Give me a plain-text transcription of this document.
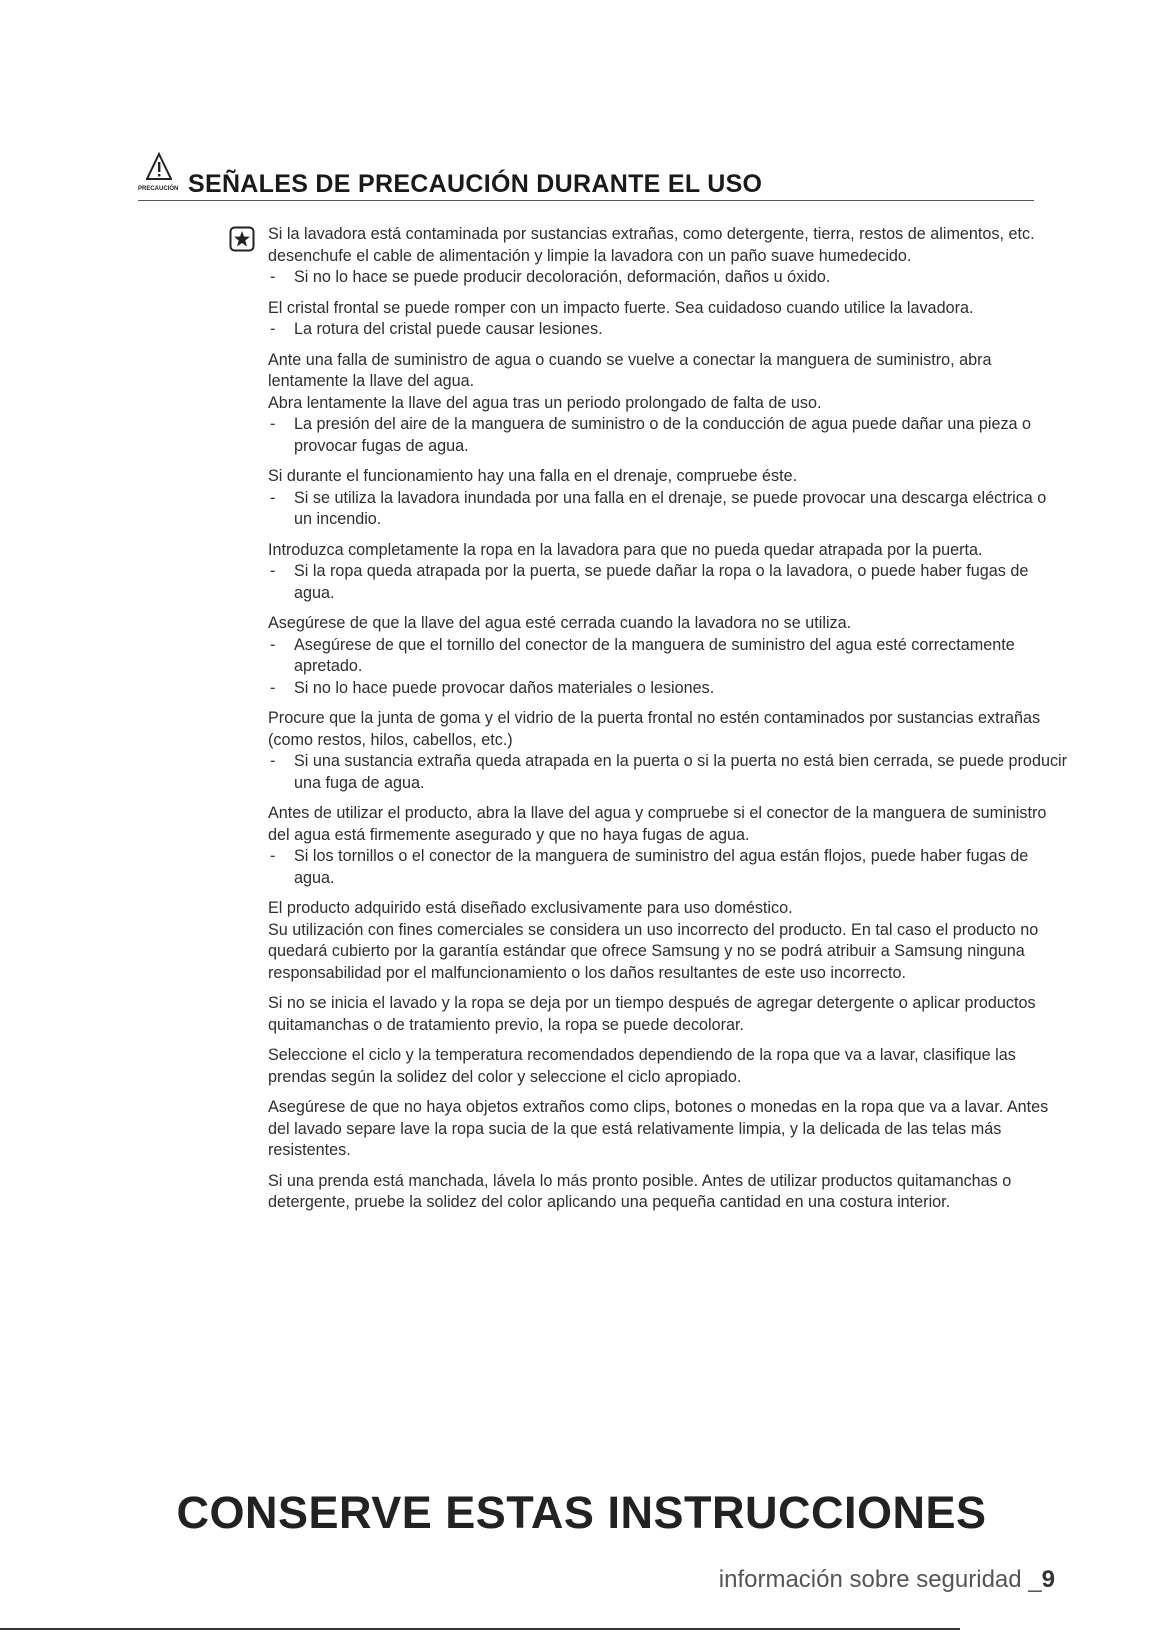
PRECAUCIÓN SEÑALES DE PRECAUCIÓN DURANTE EL USO

Si la lavadora está contaminada por sustancias extrañas, como detergente, tierra, restos de alimentos, etc. desenchufe el cable de alimentación y limpie la lavadora con un paño suave humedecido.

- Si no lo hace se puede producir decoloración, deformación, daños u óxido.

El cristal frontal se puede romper con un impacto fuerte. Sea cuidadoso cuando utilice la lavadora.

- La rotura del cristal puede causar lesiones.

Ante una falla de suministro de agua o cuando se vuelve a conectar la manguera de suministro, abra lentamente la llave del agua.

Abra lentamente la llave del agua tras un periodo prolongado de falta de uso.

- La presión del aire de la manguera de suministro o de la conducción de agua puede dañar una pieza o provocar fugas de agua.

Si durante el funcionamiento hay una falla en el drenaje, compruebe éste.

- Si se utiliza la lavadora inundada por una falla en el drenaje, se puede provocar una descarga eléctrica o un incendio.

Introduzca completamente la ropa en la lavadora para que no pueda quedar atrapada por la puerta.

- Si la ropa queda atrapada por la puerta, se puede dañar la ropa o la lavadora, o puede haber fugas de agua.

Asegúrese de que la llave del agua esté cerrada cuando la lavadora no se utiliza.

- Asegúrese de que el tornillo del conector de la manguera de suministro del agua esté correctamente apretado.

- Si no lo hace puede provocar daños materiales o lesiones.

Procure que la junta de goma y el vidrio de la puerta frontal no estén contaminados por sustancias extrañas (como restos, hilos, cabellos, etc.)

- Si una sustancia extraña queda atrapada en la puerta o si la puerta no está bien cerrada, se puede producir una fuga de agua.

Antes de utilizar el producto, abra la llave del agua y compruebe si el conector de la manguera de suministro del agua está firmemente asegurado y que no haya fugas de agua.

- Si los tornillos o el conector de la manguera de suministro del agua están flojos, puede haber fugas de agua.

El producto adquirido está diseñado exclusivamente para uso doméstico.

Su utilización con fines comerciales se considera un uso incorrecto del producto. En tal caso el producto no quedará cubierto por la garantía estándar que ofrece Samsung y no se podrá atribuir a Samsung ninguna responsabilidad por el malfuncionamiento o los daños resultantes de este uso incorrecto.

Si no se inicia el lavado y la ropa se deja por un tiempo después de agregar detergente o aplicar productos quitamanchas o de tratamiento previo, la ropa se puede decolorar.

Seleccione el ciclo y la temperatura recomendados dependiendo de la ropa que va a lavar, clasifique las prendas según la solidez del color y seleccione el ciclo apropiado.

Asegúrese de que no haya objetos extraños como clips, botones o monedas en la ropa que va a lavar. Antes del lavado separe lave la ropa sucia de la que está relativamente limpia, y la delicada de las telas más resistentes.

Si una prenda está manchada, lávela lo más pronto posible. Antes de utilizar productos quitamanchas o detergente, pruebe la solidez del color aplicando una pequeña cantidad en una costura interior.

CONSERVE ESTAS INSTRUCCIONES
información sobre seguridad _9
